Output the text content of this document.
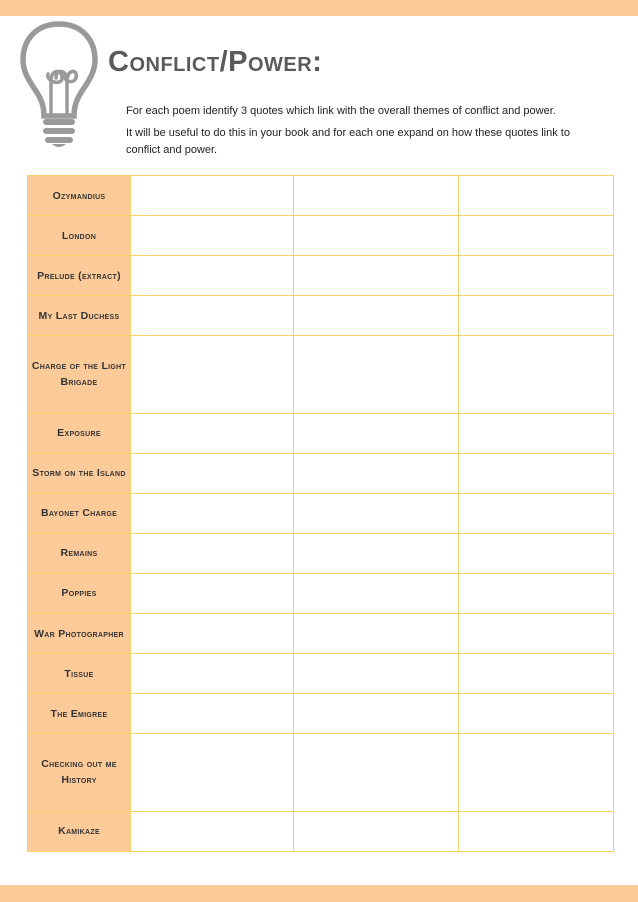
Conflict/Power:

For each poem identify 3 quotes which link with the overall themes of conflict and power.

It will be useful to do this in your book and for each one expand on how these quotes link to conflict and power.

Ozymandius			
London			
Prelude (extract)			
My Last Duchess			
Charge of the Light Brigade			
Exposure			
Storm on the Island			
Bayonet Charge			
Remains			
Poppies			
War Photographer			
Tissue			
The Emigree			
Checking out me History			
Kamikaze			
